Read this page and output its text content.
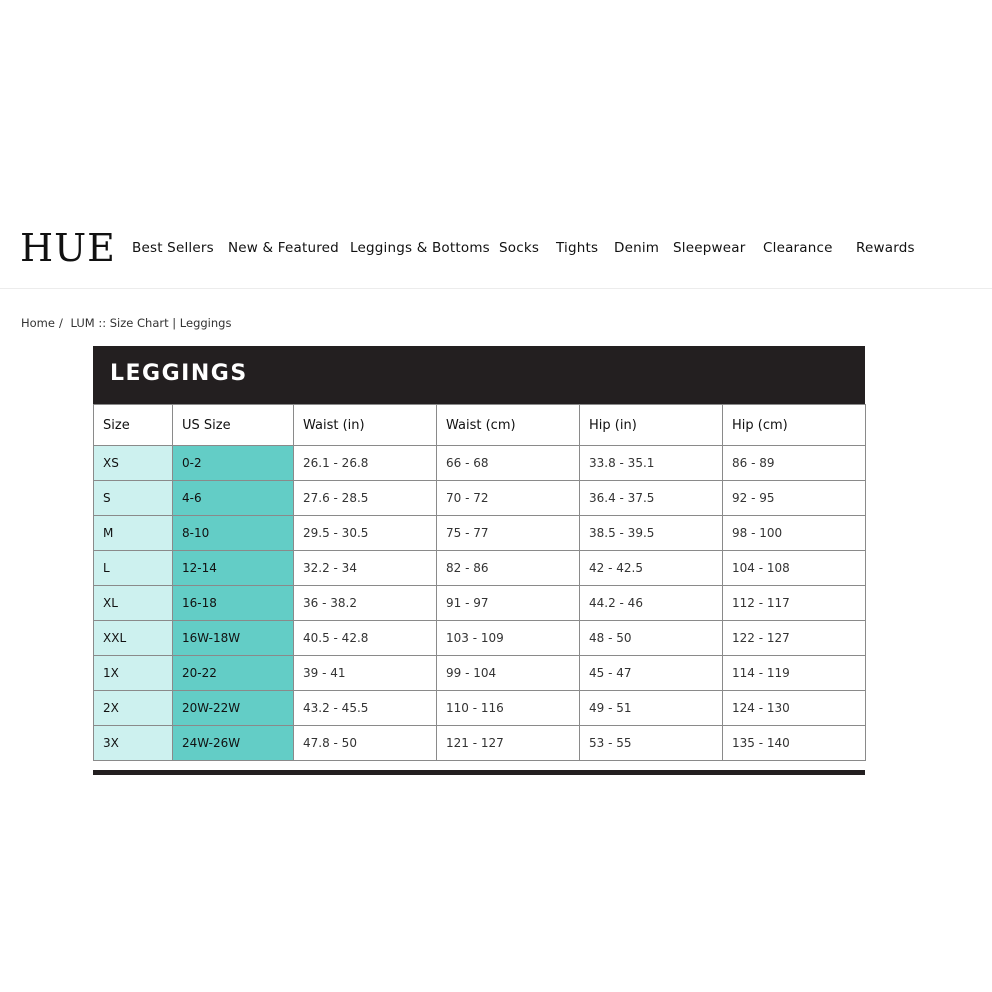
HUE Best Sellers New & Featured Leggings & Bottoms Socks Tights Denim Sleepwear Clearance Rewards
Home / LUM :: Size Chart | Leggings
LEGGINGS
Size	US Size	Waist (in)	Waist (cm)	Hip (in)	Hip (cm)
XS	0-2	26.1 - 26.8	66 - 68	33.8 - 35.1	86 - 89
S	4-6	27.6 - 28.5	70 - 72	36.4 - 37.5	92 - 95
M	8-10	29.5 - 30.5	75 - 77	38.5 - 39.5	98 - 100
L	12-14	32.2 - 34	82 - 86	42 - 42.5	104 - 108
XL	16-18	36 - 38.2	91 - 97	44.2 - 46	112 - 117
XXL	16W-18W	40.5 - 42.8	103 - 109	48 - 50	122 - 127
1X	20-22	39 - 41	99 - 104	45 - 47	114 - 119
2X	20W-22W	43.2 - 45.5	110 - 116	49 - 51	124 - 130
3X	24W-26W	47.8 - 50	121 - 127	53 - 55	135 - 140
